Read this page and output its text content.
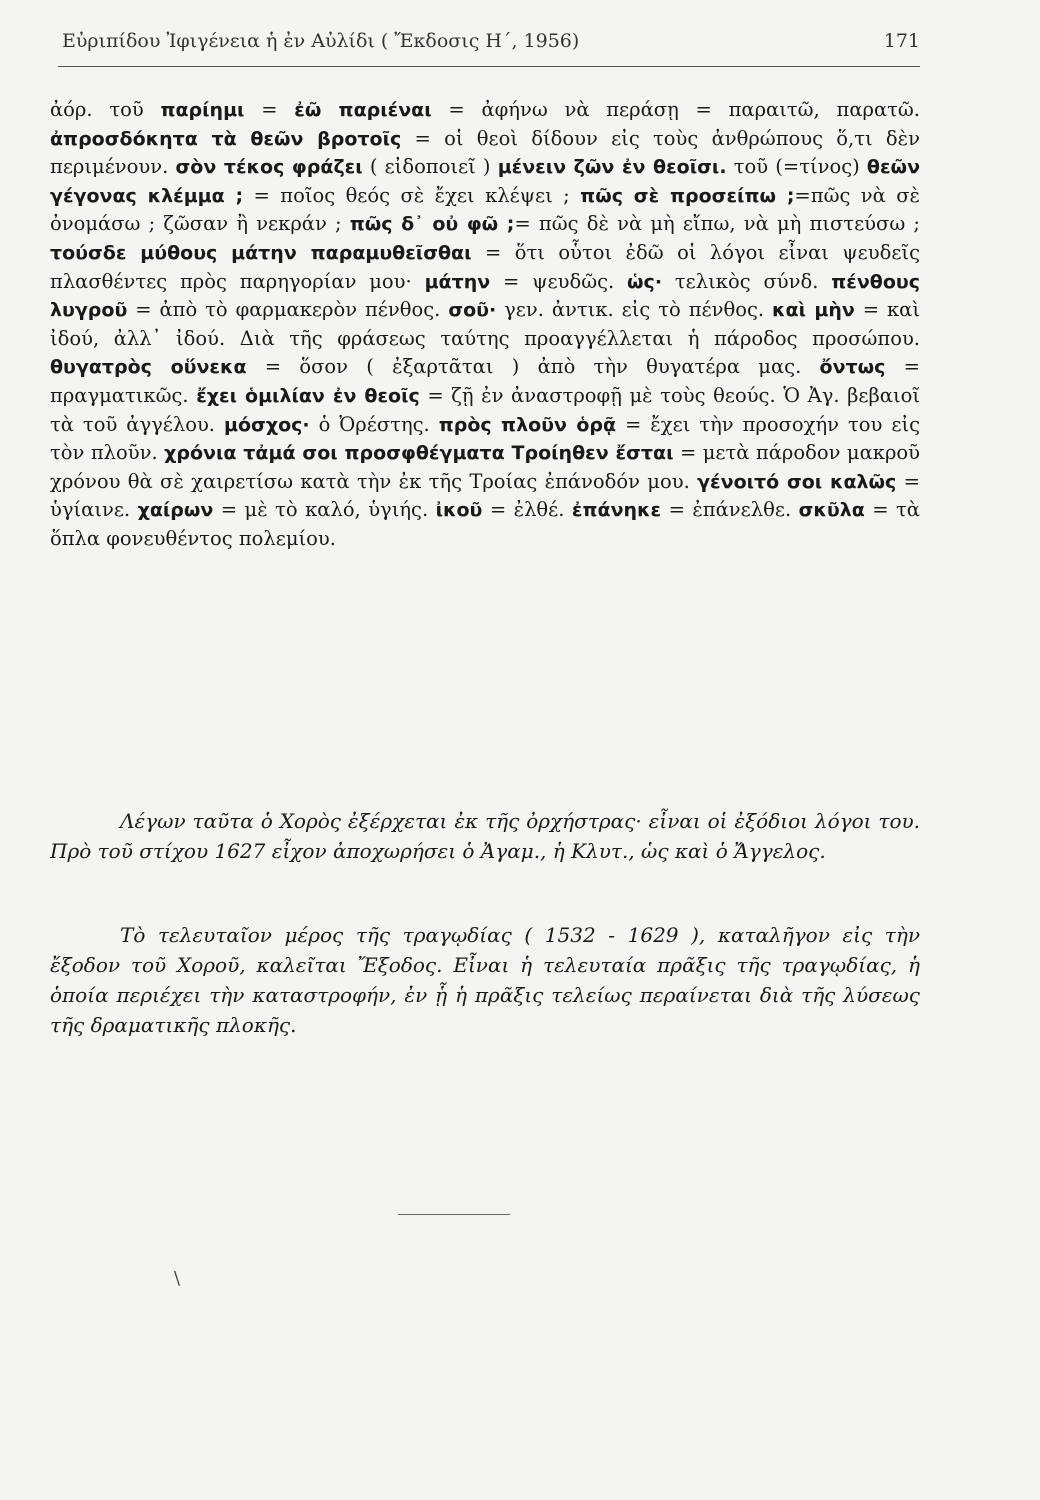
Εὐριπίδου Ἰφιγένεια ἡ ἐν Αὐλίδι ( Ἔκδοσις Η΄, 1956)	171

ἀόρ. τοῦ παρίημι = ἐῶ παριέναι = ἀφήνω νὰ περάσῃ = παραιτῶ, παρατῶ. ἀπροσδόκητα τὰ θεῶν βροτοῖς = οἱ θεοὶ δίδουν εἰς τοὺς ἀνθρώπους ὅ,τι δὲν περιμένουν. σὸν τέκος φράζει ( εἰδοποιεῖ ) μένειν ζῶν ἐν θεοῖσι. τοῦ (=τίνος) θεῶν γέγονας κλέμμα ; = ποῖος θεός σὲ ἔχει κλέψει ; πῶς σὲ προσείπω ;=πῶς νὰ σὲ ὀνομάσω ; ζῶσαν ἢ νεκράν ; πῶς δ᾽ οὐ φῶ ;= πῶς δὲ νὰ μὴ εἴπω, νὰ μὴ πιστεύσω ; τούσδε μύθους μάτην παραμυθεῖσθαι = ὅτι οὗτοι ἐδῶ οἱ λόγοι εἶναι ψευδεῖς πλασθέντες πρὸς παρηγορίαν μου· μάτην = ψευδῶς. ὡς· τελικὸς σύνδ. πένθους λυγροῦ = ἀπὸ τὸ φαρμακερὸν πένθος. σοῦ· γεν. ἀντικ. εἰς τὸ πένθος. καὶ μὴν = καὶ ἰδού, ἀλλ᾽ ἰδού. Διὰ τῆς φράσεως ταύτης προαγγέλλεται ἡ πάροδος προσώπου. θυγατρὸς οὕνεκα = ὅσον ( ἐξαρτᾶται ) ἀπὸ τὴν θυγατέρα μας. ὄντως = πραγματικῶς. ἔχει ὁμιλίαν ἐν θεοῖς = ζῇ ἐν ἀναστροφῇ μὲ τοὺς θεούς. Ὁ Ἀγ. βεβαιοῖ τὰ τοῦ ἀγγέλου. μόσχος· ὁ Ὀρέστης. πρὸς πλοῦν ὁρᾷ = ἔχει τὴν προσοχήν του εἰς τὸν πλοῦν. χρόνια τἀμά σοι προσφθέγματα Τροίηθεν ἔσται = μετὰ πάροδον μακροῦ χρόνου θὰ σὲ χαιρετίσω κατὰ τὴν ἐκ τῆς Τροίας ἐπάνοδόν μου. γένοιτό σοι καλῶς = ὑγίαινε. χαίρων = μὲ τὸ καλό, ὑγιής. ἰκοῦ = ἐλθέ. ἐπάνηκε = ἐπάνελθε. σκῦλα = τὰ ὅπλα φονευθέντος πολεμίου.

Λέγων ταῦτα ὁ Χορὸς ἐξέρχεται ἐκ τῆς ὀρχήστρας· εἶναι οἱ ἐξόδιοι λόγοι του. Πρὸ τοῦ στίχου 1627 εἶχον ἀποχωρήσει ὁ Ἀγαμ., ἡ Κλυτ., ὡς καὶ ὁ Ἄγγελος.

Τὸ τελευταῖον μέρος τῆς τραγῳδίας ( 1532 - 1629 ), καταλῆγον εἰς τὴν ἔξοδον τοῦ Χοροῦ, καλεῖται Ἔξοδος. Εἶναι ἡ τελευταία πρᾶξις τῆς τραγῳδίας, ἡ ὁποία περιέχει τὴν καταστροφήν, ἐν ᾗ ἡ πρᾶξις τελείως περαίνεται διὰ τῆς λύσεως τῆς δραματικῆς πλοκῆς.

\
